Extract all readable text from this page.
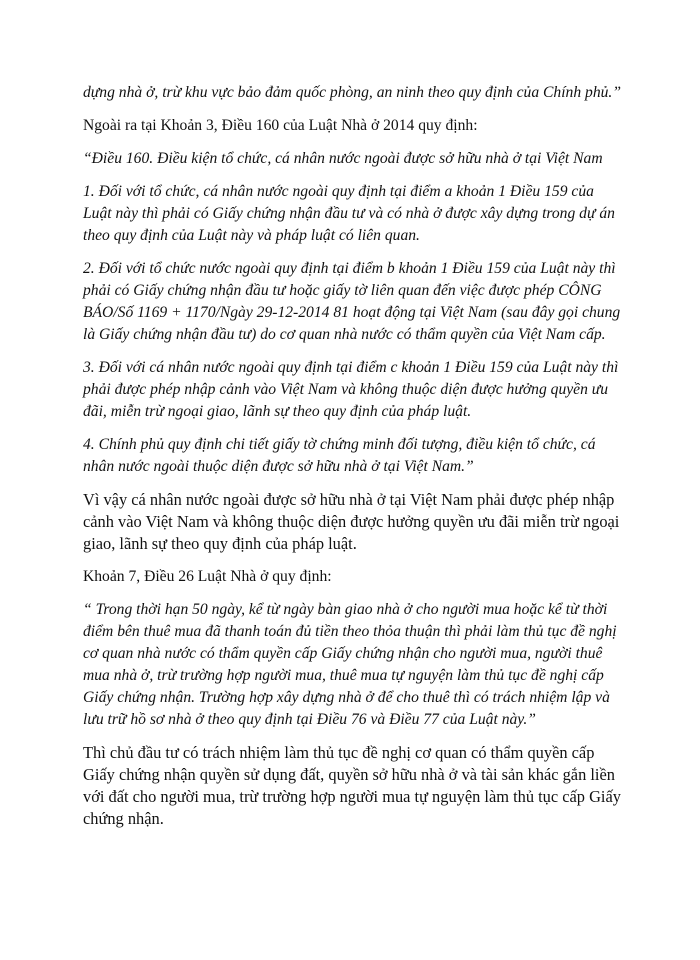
dựng nhà ở, trừ khu vực bảo đảm quốc phòng, an ninh theo quy định của Chính phủ.”

Ngoài ra tại Khoản 3, Điều 160 của Luật Nhà ở 2014 quy định:

“Điều 160. Điều kiện tổ chức, cá nhân nước ngoài được sở hữu nhà ở tại Việt Nam

1. Đối với tổ chức, cá nhân nước ngoài quy định tại điểm a khoản 1 Điều 159 của Luật này thì phải có Giấy chứng nhận đầu tư và có nhà ở được xây dựng trong dự án theo quy định của Luật này và pháp luật có liên quan.

2. Đối với tổ chức nước ngoài quy định tại điểm b khoản 1 Điều 159 của Luật này thì phải có Giấy chứng nhận đầu tư hoặc giấy tờ liên quan đến việc được phép CÔNG BÁO/Số 1169 + 1170/Ngày 29-12-2014 81 hoạt động tại Việt Nam (sau đây gọi chung là Giấy chứng nhận đầu tư) do cơ quan nhà nước có thẩm quyền của Việt Nam cấp.

3. Đối với cá nhân nước ngoài quy định tại điểm c khoản 1 Điều 159 của Luật này thì phải được phép nhập cảnh vào Việt Nam và không thuộc diện được hưởng quyền ưu đãi, miễn trừ ngoại giao, lãnh sự theo quy định của pháp luật.

4. Chính phủ quy định chi tiết giấy tờ chứng minh đối tượng, điều kiện tổ chức, cá nhân nước ngoài thuộc diện được sở hữu nhà ở tại Việt Nam.”

Vì vậy cá nhân nước ngoài được sở hữu nhà ở tại Việt Nam phải được phép nhập cảnh vào Việt Nam và không thuộc diện được hưởng quyền ưu đãi miễn trừ ngoại giao, lãnh sự theo quy định của pháp luật.

Khoản 7, Điều 26 Luật Nhà ở quy định:

“ Trong thời hạn 50 ngày, kể từ ngày bàn giao nhà ở cho người mua hoặc kể từ thời điểm bên thuê mua đã thanh toán đủ tiền theo thỏa thuận thì phải làm thủ tục đề nghị cơ quan nhà nước có thẩm quyền cấp Giấy chứng nhận cho người mua, người thuê mua nhà ở, trừ trường hợp người mua, thuê mua tự nguyện làm thủ tục đề nghị cấp Giấy chứng nhận. Trường hợp xây dựng nhà ở để cho thuê thì có trách nhiệm lập và lưu trữ hồ sơ nhà ở theo quy định tại Điều 76 và Điều 77 của Luật này.”

Thì chủ đầu tư có trách nhiệm làm thủ tục đề nghị cơ quan có thẩm quyền cấp Giấy chứng nhận quyền sử dụng đất, quyền sở hữu nhà ở và tài sản khác gắn liền với đất cho người mua, trừ trường hợp người mua tự nguyện làm thủ tục cấp Giấy chứng nhận.
